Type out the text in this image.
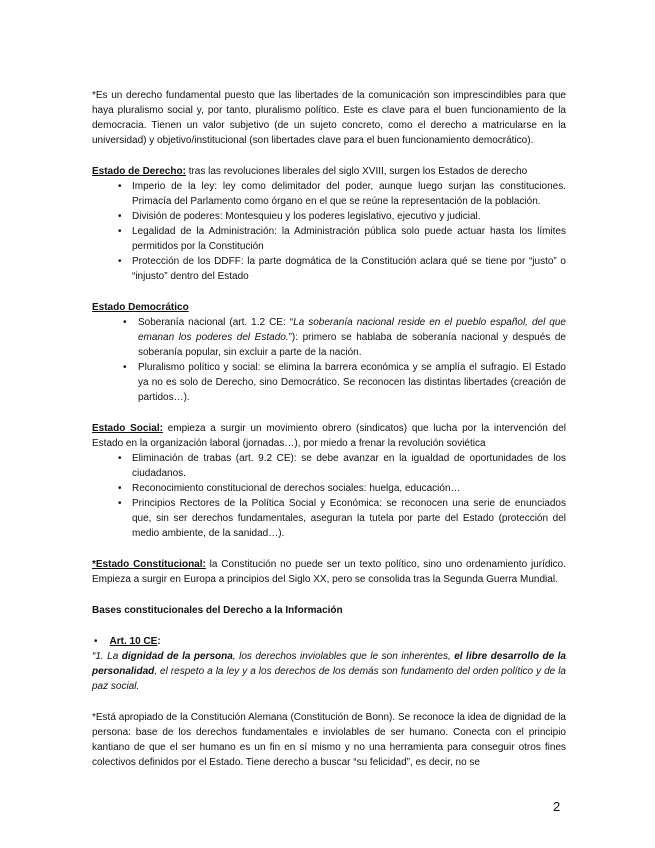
*Es un derecho fundamental puesto que las libertades de la comunicación son imprescindibles para que haya pluralismo social y, por tanto, pluralismo político. Este es clave para el buen funcionamiento de la democracia. Tienen un valor subjetivo (de un sujeto concreto, como el derecho a matricularse en la universidad) y objetivo/institucional (son libertades clave para el buen funcionamiento democrático).

Estado de Derecho: tras las revoluciones liberales del siglo XVIII, surgen los Estados de derecho

• Imperio de la ley: ley como delimitador del poder, aunque luego surjan las constituciones. Primacía del Parlamento como órgano en el que se reúne la representación de la población.
• División de poderes: Montesquieu y los poderes legislativo, ejecutivo y judicial.
• Legalidad de la Administración: la Administración pública solo puede actuar hasta los límites permitidos por la Constitución
• Protección de los DDFF: la parte dogmática de la Constitución aclara qué se tiene por “justo” o “injusto” dentro del Estado

Estado Democrático

• Soberanía nacional (art. 1.2 CE: “La soberanía nacional reside en el pueblo español, del que emanan los poderes del Estado.”): primero se hablaba de soberanía nacional y después de soberanía popular, sin excluir a parte de la nación.
• Pluralismo político y social: se elimina la barrera económica y se amplía el sufragio. El Estado ya no es solo de Derecho, sino Democrático. Se reconocen las distintas libertades (creación de partidos…).

Estado Social: empieza a surgir un movimiento obrero (sindicatos) que lucha por la intervención del Estado en la organización laboral (jornadas…), por miedo a frenar la revolución soviética

• Eliminación de trabas (art. 9.2 CE): se debe avanzar en la igualdad de oportunidades de los ciudadanos.
• Reconocimiento constitucional de derechos sociales: huelga, educación…
• Principios Rectores de la Política Social y Económica: se reconocen una serie de enunciados que, sin ser derechos fundamentales, aseguran la tutela por parte del Estado (protección del medio ambiente, de la sanidad…).

*Estado Constitucional: la Constitución no puede ser un texto político, sino uno ordenamiento jurídico. Empieza a surgir en Europa a principios del Siglo XX, pero se consolida tras la Segunda Guerra Mundial.

Bases constitucionales del Derecho a la Información

• Art. 10 CE:

“1. La dignidad de la persona, los derechos inviolables que le son inherentes, el libre desarrollo de la personalidad, el respeto a la ley y a los derechos de los demás son fundamento del orden político y de la paz social.

*Está apropiado de la Constitución Alemana (Constitución de Bonn). Se reconoce la idea de dignidad de la persona: base de los derechos fundamentales e inviolables de ser humano. Conecta con el principio kantiano de que el ser humano es un fin en sí mismo y no una herramienta para conseguir otros fines colectivos definidos por el Estado. Tiene derecho a buscar “su felicidad”, es decir, no se

2
